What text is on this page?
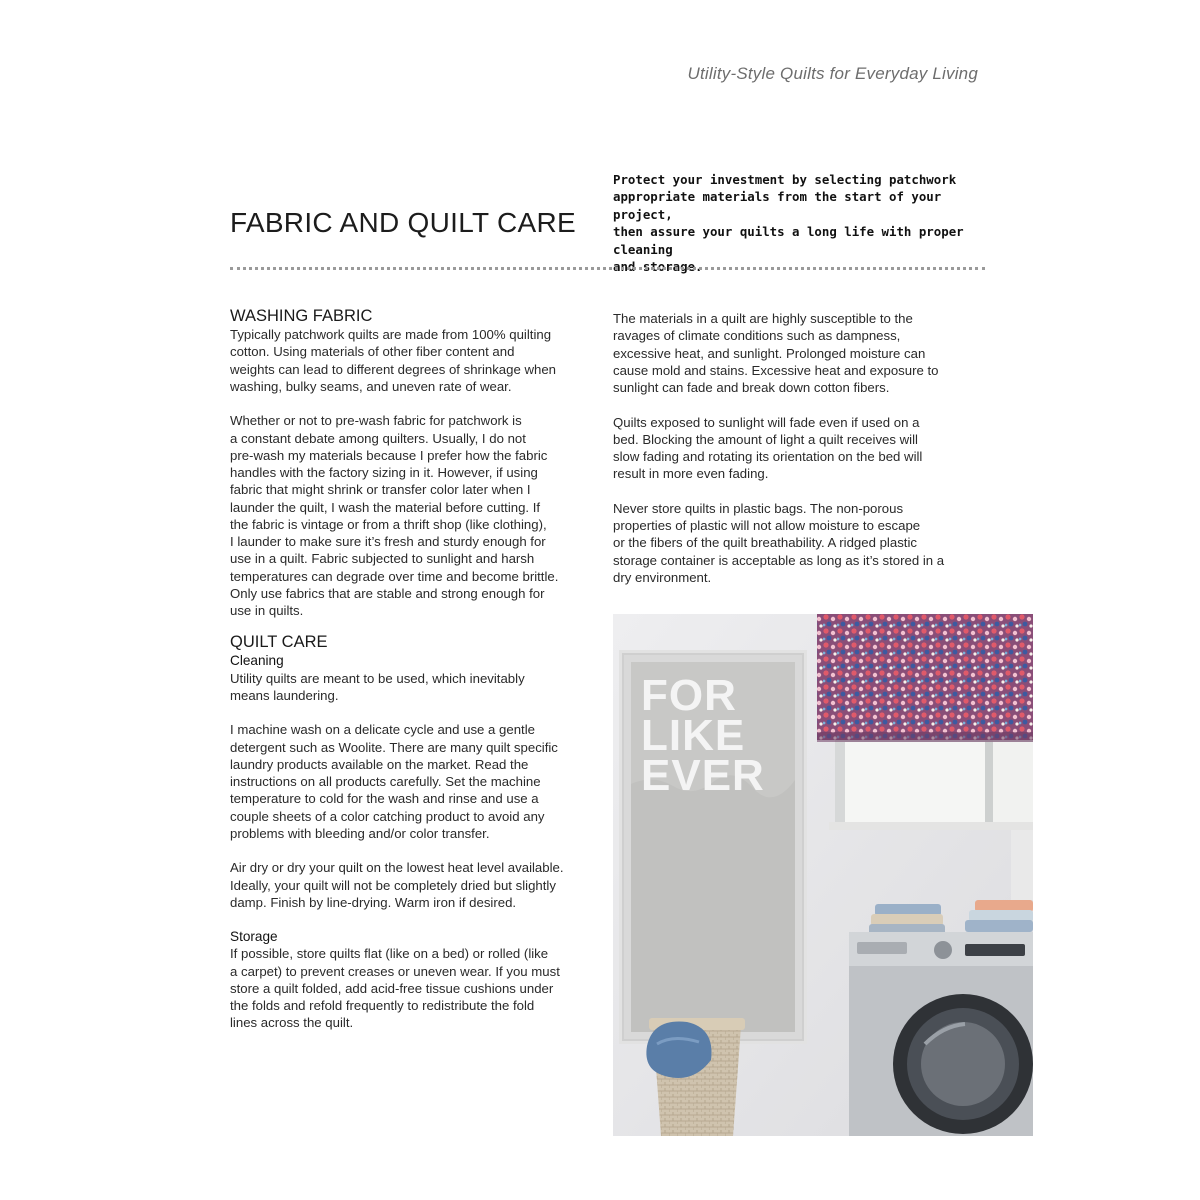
Utility-Style Quilts for Everyday Living
FABRIC AND QUILT CARE

Protect your investment by selecting patchwork
appropriate materials from the start of your project,
then assure your quilts a long life with proper cleaning
and storage.

WASHING FABRIC

Typically patchwork quilts are made from 100% quilting
cotton. Using materials of other fiber content and
weights can lead to different degrees of shrinkage when
washing, bulky seams, and uneven rate of wear.

Whether or not to pre-wash fabric for patchwork is
a constant debate among quilters. Usually, I do not
pre-wash my materials because I prefer how the fabric
handles with the factory sizing in it. However, if using
fabric that might shrink or transfer color later when I
launder the quilt, I wash the material before cutting. If
the fabric is vintage or from a thrift shop (like clothing),
I launder to make sure it’s fresh and sturdy enough for
use in a quilt. Fabric subjected to sunlight and harsh
temperatures can degrade over time and become brittle.
Only use fabrics that are stable and strong enough for
use in quilts.

QUILT CARE
Cleaning

Utility quilts are meant to be used, which inevitably
means laundering.

I machine wash on a delicate cycle and use a gentle
detergent such as Woolite. There are many quilt specific
laundry products available on the market. Read the
instructions on all products carefully. Set the machine
temperature to cold for the wash and rinse and use a
couple sheets of a color catching product to avoid any
problems with bleeding and/or color transfer.

Air dry or dry your quilt on the lowest heat level available.
Ideally, your quilt will not be completely dried but slightly
damp. Finish by line-drying. Warm iron if desired.

Storage

If possible, store quilts flat (like on a bed) or rolled (like
a carpet) to prevent creases or uneven wear. If you must
store a quilt folded, add acid-free tissue cushions under
the folds and refold frequently to redistribute the fold
lines across the quilt.

The materials in a quilt are highly susceptible to the
ravages of climate conditions such as dampness,
excessive heat, and sunlight. Prolonged moisture can
cause mold and stains. Excessive heat and exposure to
sunlight can fade and break down cotton fibers.

Quilts exposed to sunlight will fade even if used on a
bed. Blocking the amount of light a quilt receives will
slow fading and rotating its orientation on the bed will
result in more even fading.

Never store quilts in plastic bags. The non-porous
properties of plastic will not allow moisture to escape
or the fibers of the quilt breathability. A ridged plastic
storage container is acceptable as long as it’s stored in a
dry environment.

FOR
LIKE
EVER
